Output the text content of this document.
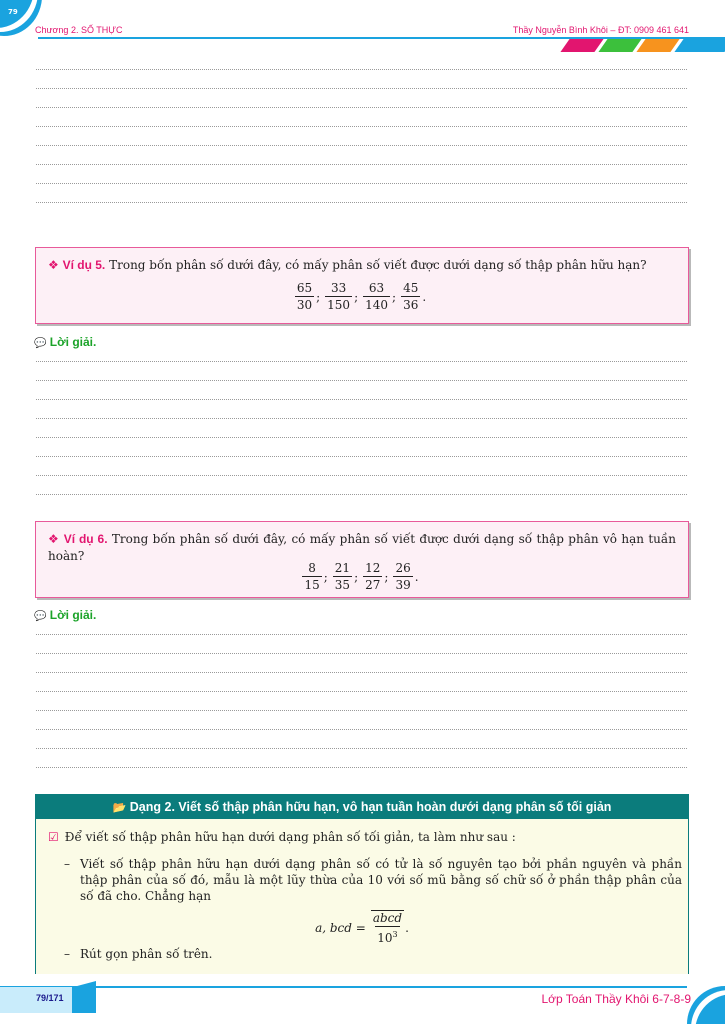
79
Chương 2. SỐ THỰC	Thầy Nguyễn Bình Khôi – ĐT: 0909 461 641
❖ Ví dụ 5. Trong bốn phân số dưới đây, có mấy phân số viết được dưới dạng số thập phân hữu hạn?
$\frac{65}{30}$ ; $\frac{33}{150}$ ; $\frac{63}{140}$ ; $\frac{45}{36}$ .
💬 Lời giải.
❖ Ví dụ 6. Trong bốn phân số dưới đây, có mấy phân số viết được dưới dạng số thập phân vô hạn tuần hoàn?
$\frac{8}{15}$ ; $\frac{21}{35}$ ; $\frac{12}{27}$ ; $\frac{26}{39}$ .
💬 Lời giải.
📂 Dạng 2. Viết số thập phân hữu hạn, vô hạn tuần hoàn dưới dạng phân số tối giản
☑ Để viết số thập phân hữu hạn dưới dạng phân số tối giản, ta làm như sau :
– Viết số thập phân hữu hạn dưới dạng phân số có tử là số nguyên tạo bởi phần nguyên và phần thập phân của số đó, mẫu là một lũy thừa của 10 với số mũ bằng số chữ số ở phần thập phân của số đã cho. Chẳng hạn
– Rút gọn phân số trên.
a, bcd = $\frac{\text{abcd}}{10^3}$ .
79/171	Lớp Toán Thầy Khôi 6-7-8-9
